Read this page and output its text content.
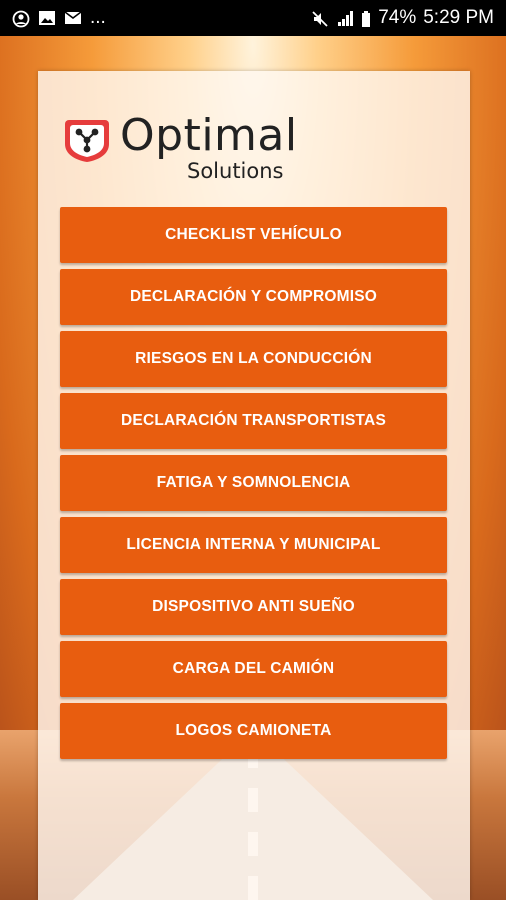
...	74% 5:29 PM
Optimal
Solutions
CHECKLIST VEHÍCULO
DECLARACIÓN Y COMPROMISO
RIESGOS EN LA CONDUCCIÓN
DECLARACIÓN TRANSPORTISTAS
FATIGA Y SOMNOLENCIA
LICENCIA INTERNA Y MUNICIPAL
DISPOSITIVO ANTI SUEÑO
CARGA DEL CAMIÓN
LOGOS CAMIONETA
